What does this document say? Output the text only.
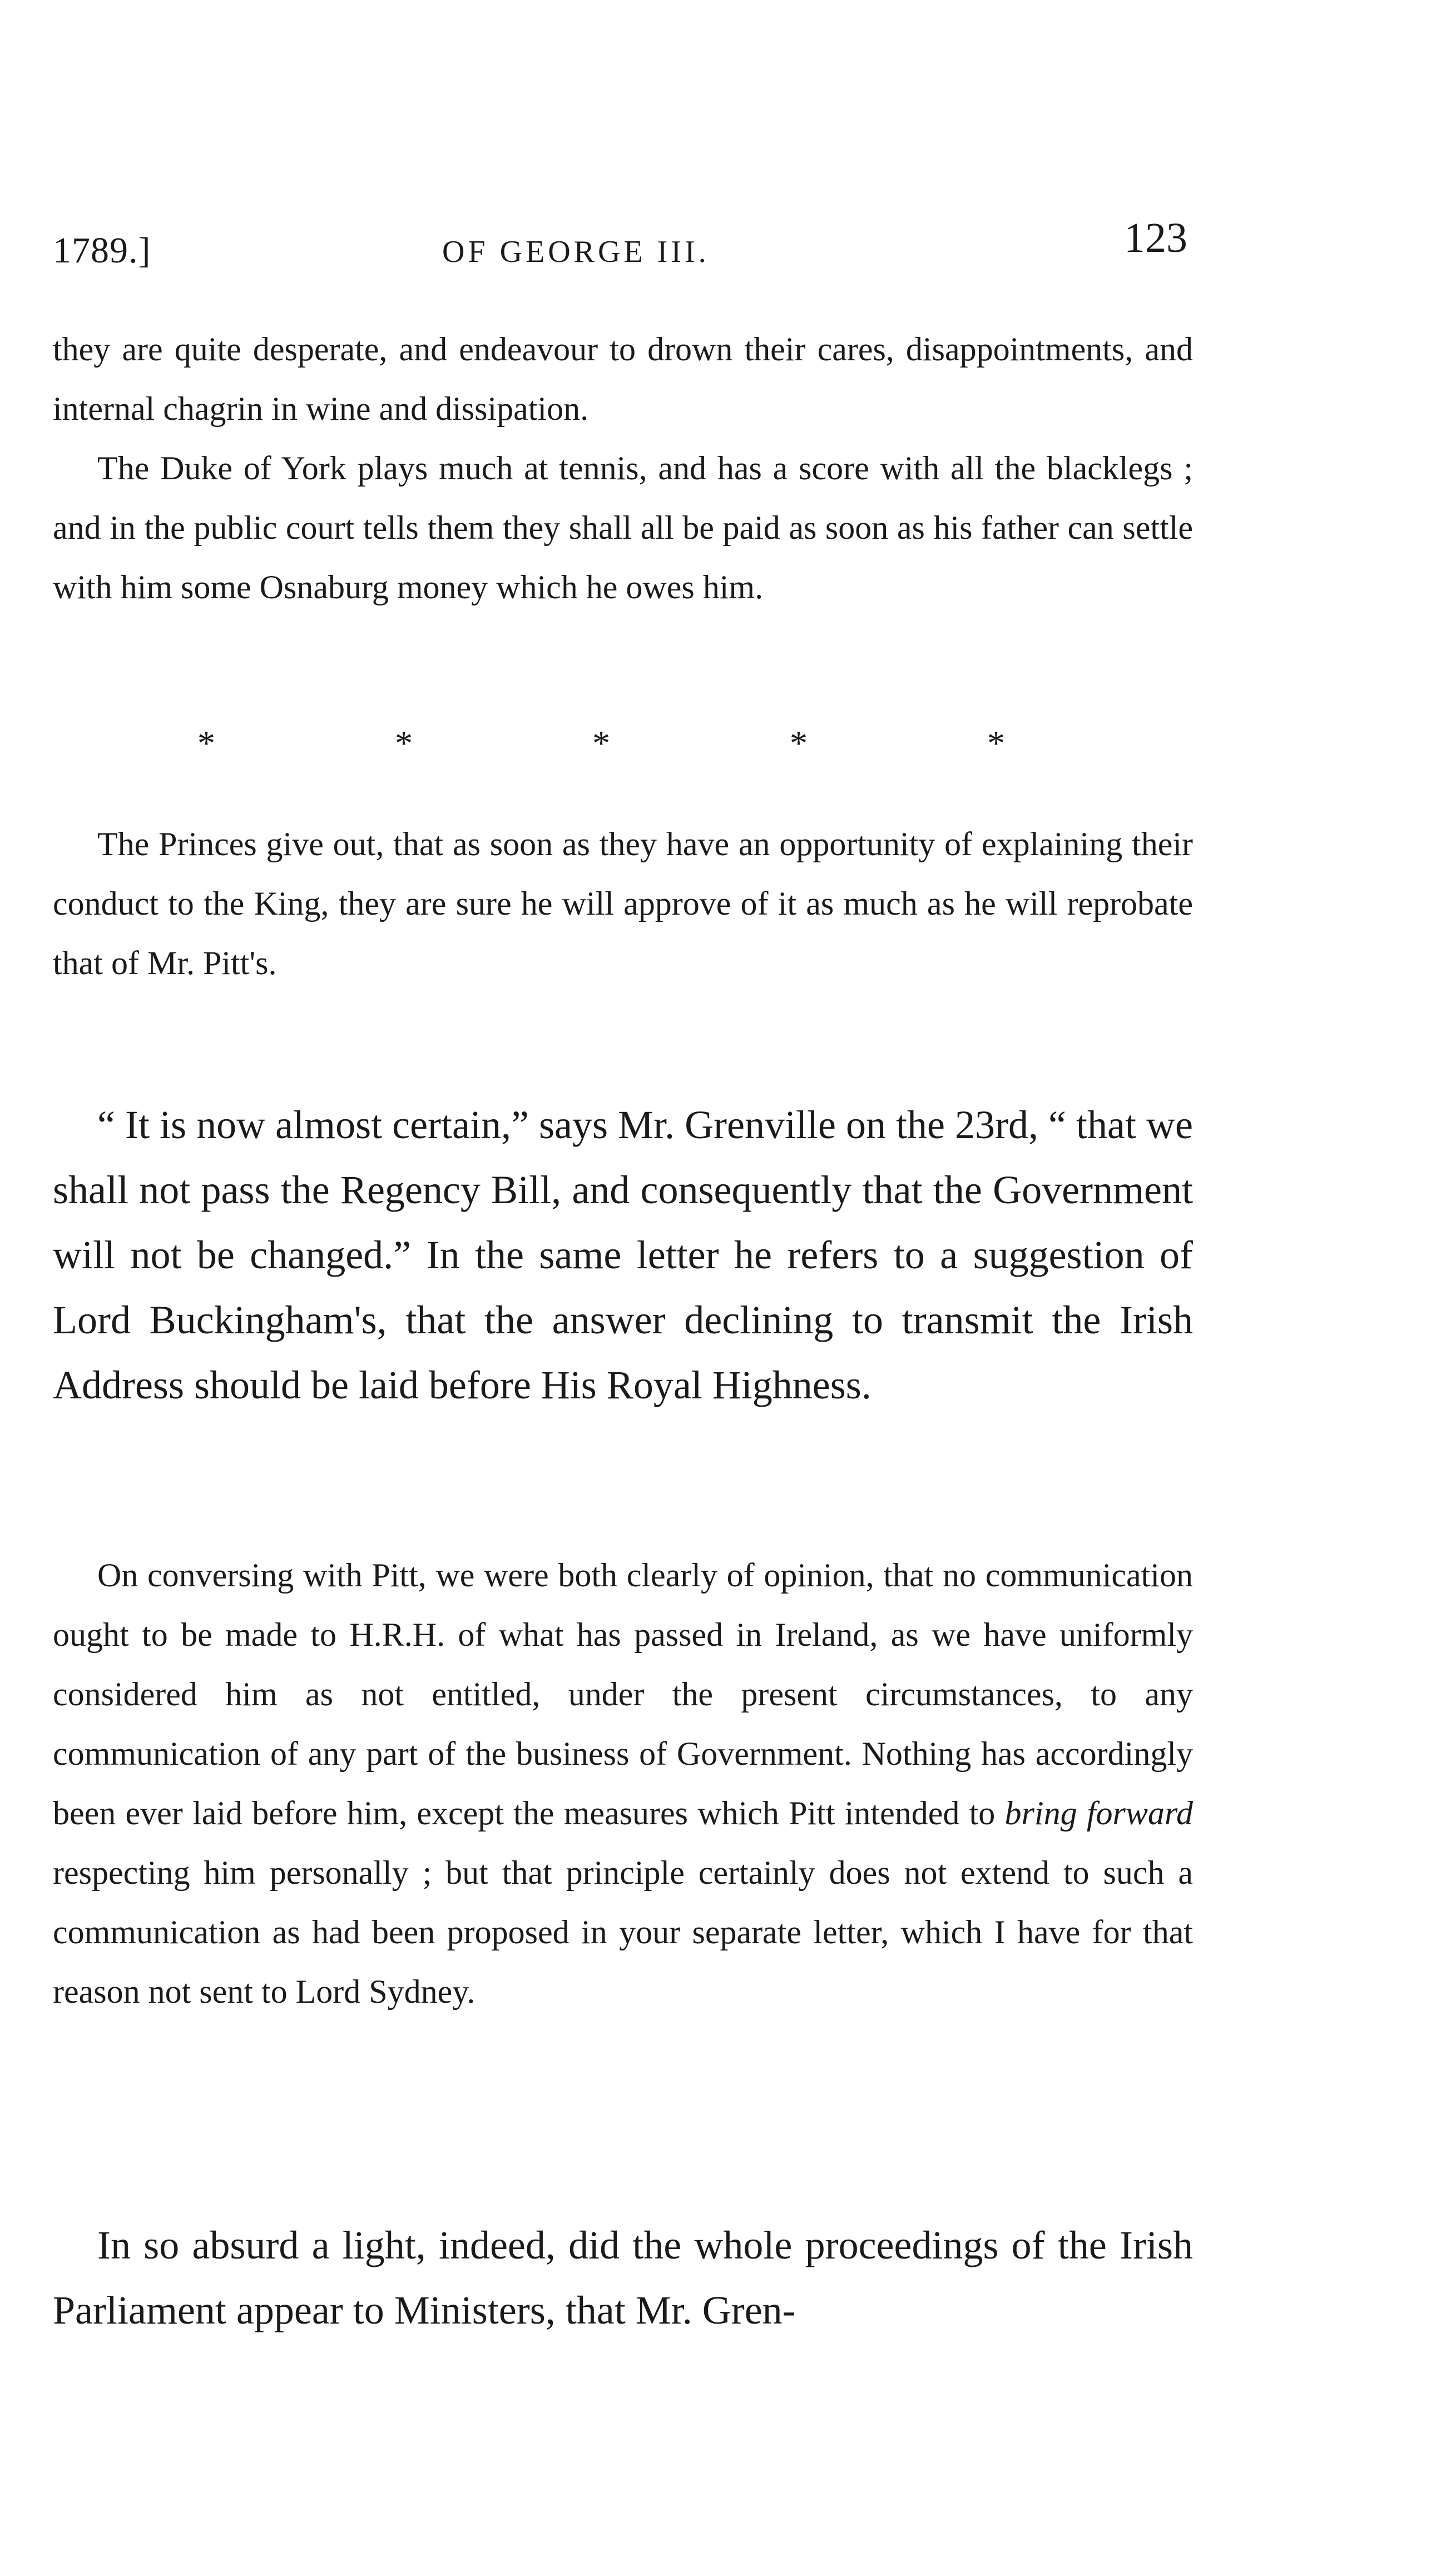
1789.]	OF GEORGE III.	123

they are quite desperate, and endeavour to drown their cares, disappointments, and internal chagrin in wine and dissipation.

The Duke of York plays much at tennis, and has a score with all the blacklegs ; and in the public court tells them they shall all be paid as soon as his father can settle with him some Osnaburg money which he owes him.

*	*	*	*	*

The Princes give out, that as soon as they have an opportunity of explaining their conduct to the King, they are sure he will approve of it as much as he will reprobate that of Mr. Pitt's.

“ It is now almost certain,” says Mr. Grenville on the 23rd, “ that we shall not pass the Regency Bill, and consequently that the Government will not be changed.” In the same letter he refers to a suggestion of Lord Buckingham's, that the answer declining to transmit the Irish Address should be laid before His Royal Highness.

On conversing with Pitt, we were both clearly of opinion, that no communication ought to be made to H.R.H. of what has passed in Ireland, as we have uniformly considered him as not entitled, under the present circumstances, to any communication of any part of the business of Government. Nothing has accordingly been ever laid before him, except the measures which Pitt intended to bring forward respecting him personally ; but that principle certainly does not extend to such a communication as had been proposed in your separate letter, which I have for that reason not sent to Lord Sydney.

In so absurd a light, indeed, did the whole proceedings of the Irish Parliament appear to Ministers, that Mr. Gren-
